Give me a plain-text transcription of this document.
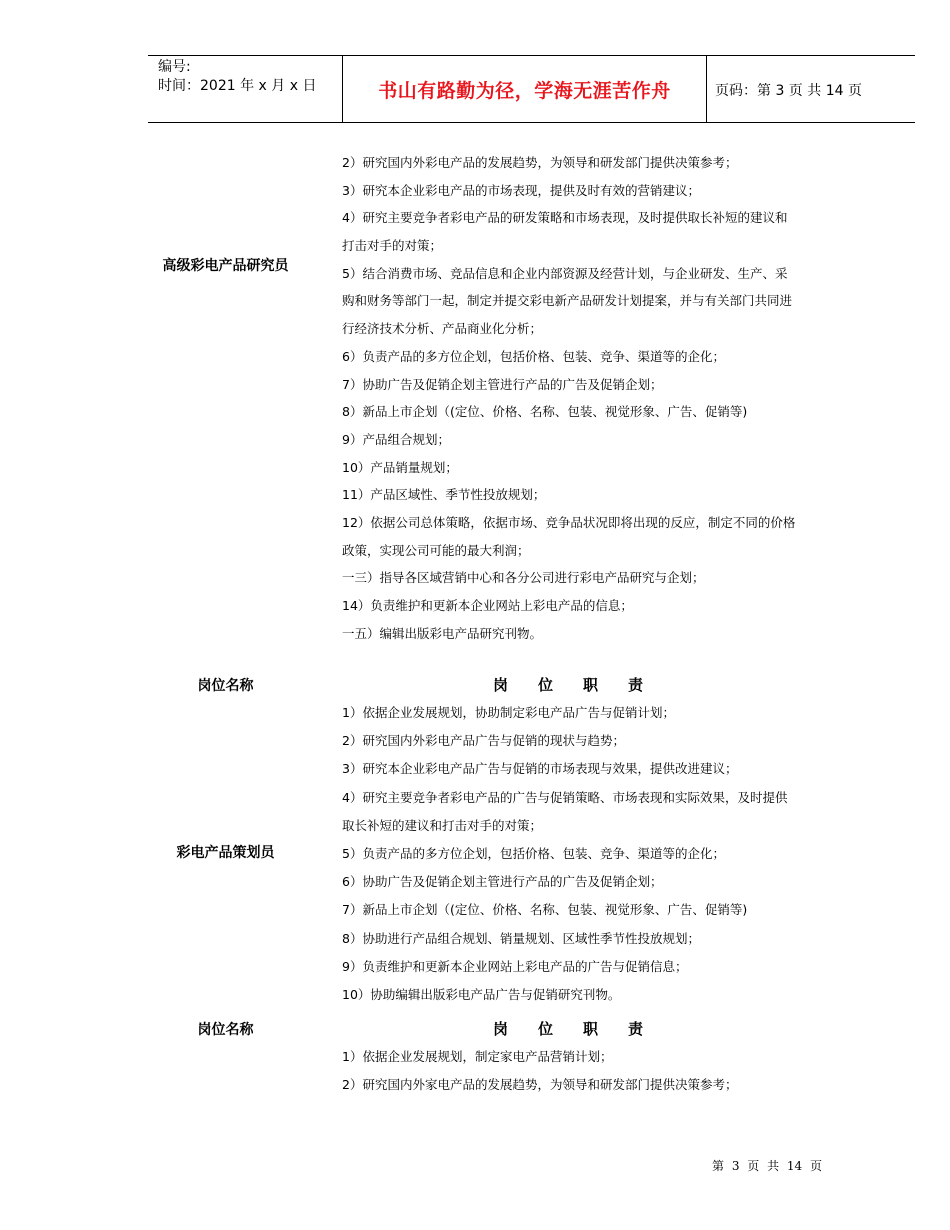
编号:
时间：2021 年 x 月 x 日	书山有路勤为径，学海无涯苦作舟	页码：第 3 页 共 14 页
高级彩电产品研究员
2）研究国内外彩电产品的发展趋势，为领导和研发部门提供决策参考；
3）研究本企业彩电产品的市场表现，提供及时有效的营销建议；
4）研究主要竞争者彩电产品的研发策略和市场表现，及时提供取长补短的建议和
打击对手的对策；
5）结合消费市场、竞品信息和企业内部资源及经营计划，与企业研发、生产、采
购和财务等部门一起，制定并提交彩电新产品研发计划提案，并与有关部门共同进
行经济技术分析、产品商业化分析；
6）负责产品的多方位企划，包括价格、包装、竞争、渠道等的企化；
7）协助广告及促销企划主管进行产品的广告及促销企划；
8）新品上市企划（(定位、价格、名称、包装、视觉形象、广告、促销等)
9）产品组合规划；
10）产品销量规划；
11）产品区域性、季节性投放规划；
12）依据公司总体策略，依据市场、竞争品状况即将出现的反应，制定不同的价格
政策，实现公司可能的最大利润；
一三）指导各区域营销中心和各分公司进行彩电产品研究与企划；
14）负责维护和更新本企业网站上彩电产品的信息；
一五）编辑出版彩电产品研究刊物。
岗位名称	岗位职责
彩电产品策划员
1）依据企业发展规划，协助制定彩电产品广告与促销计划；
2）研究国内外彩电产品广告与促销的现状与趋势；
3）研究本企业彩电产品广告与促销的市场表现与效果，提供改进建议；
4）研究主要竞争者彩电产品的广告与促销策略、市场表现和实际效果，及时提供
取长补短的建议和打击对手的对策；
5）负责产品的多方位企划，包括价格、包装、竞争、渠道等的企化；
6）协助广告及促销企划主管进行产品的广告及促销企划；
7）新品上市企划（(定位、价格、名称、包装、视觉形象、广告、促销等)
8）协助进行产品组合规划、销量规划、区域性季节性投放规划；
9）负责维护和更新本企业网站上彩电产品的广告与促销信息；
10）协助编辑出版彩电产品广告与促销研究刊物。
岗位名称	岗位职责
1）依据企业发展规划，制定家电产品营销计划；
2）研究国内外家电产品的发展趋势，为领导和研发部门提供决策参考；
第 3 页 共 14 页
